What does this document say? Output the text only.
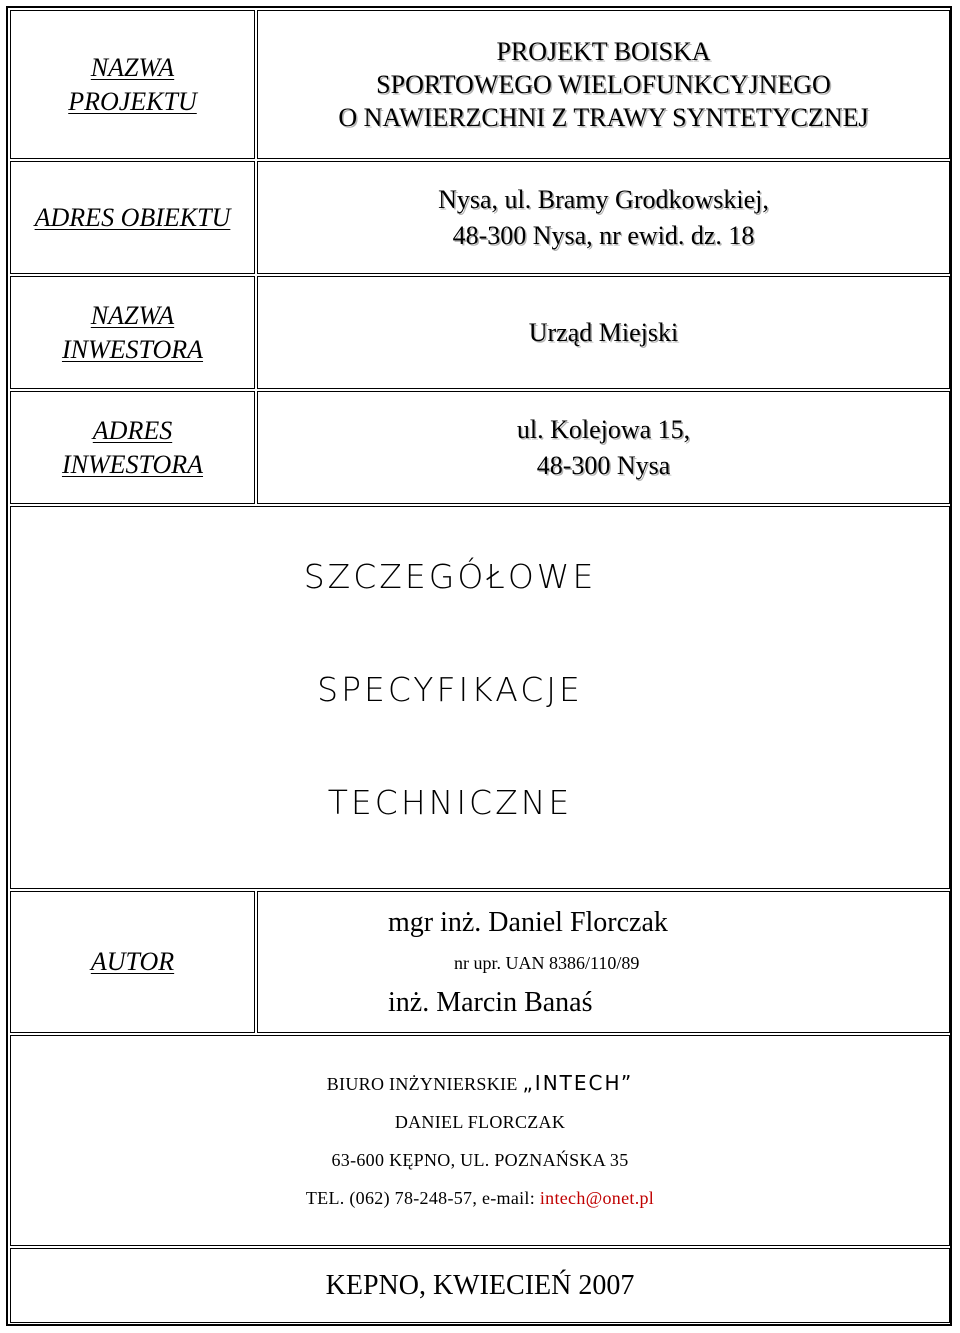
NAZWA
PROJEKTU
PROJEKT BOISKA
SPORTOWEGO WIELOFUNKCYJNEGO
O NAWIERZCHNI Z TRAWY SYNTETYCZNEJ
ADRES OBIEKTU
Nysa, ul. Bramy Grodkowskiej,
48-300 Nysa, nr ewid. dz. 18
NAZWA
INWESTORA
Urząd Miejski
ADRES
INWESTORA
ul. Kolejowa 15,
48-300 Nysa
SZCZEGÓŁOWE
SPECYFIKACJE
TECHNICZNE
AUTOR
mgr inż. Daniel Florczak
nr upr. UAN 8386/110/89
inż. Marcin Banaś
BIURO INŻYNIERSKIE „INTECH”
DANIEL FLORCZAK
63-600 KĘPNO, UL. POZNAŃSKA 35
TEL. (062) 78-248-57, e-mail: intech@onet.pl
KEPNO, KWIECIEŃ 2007
